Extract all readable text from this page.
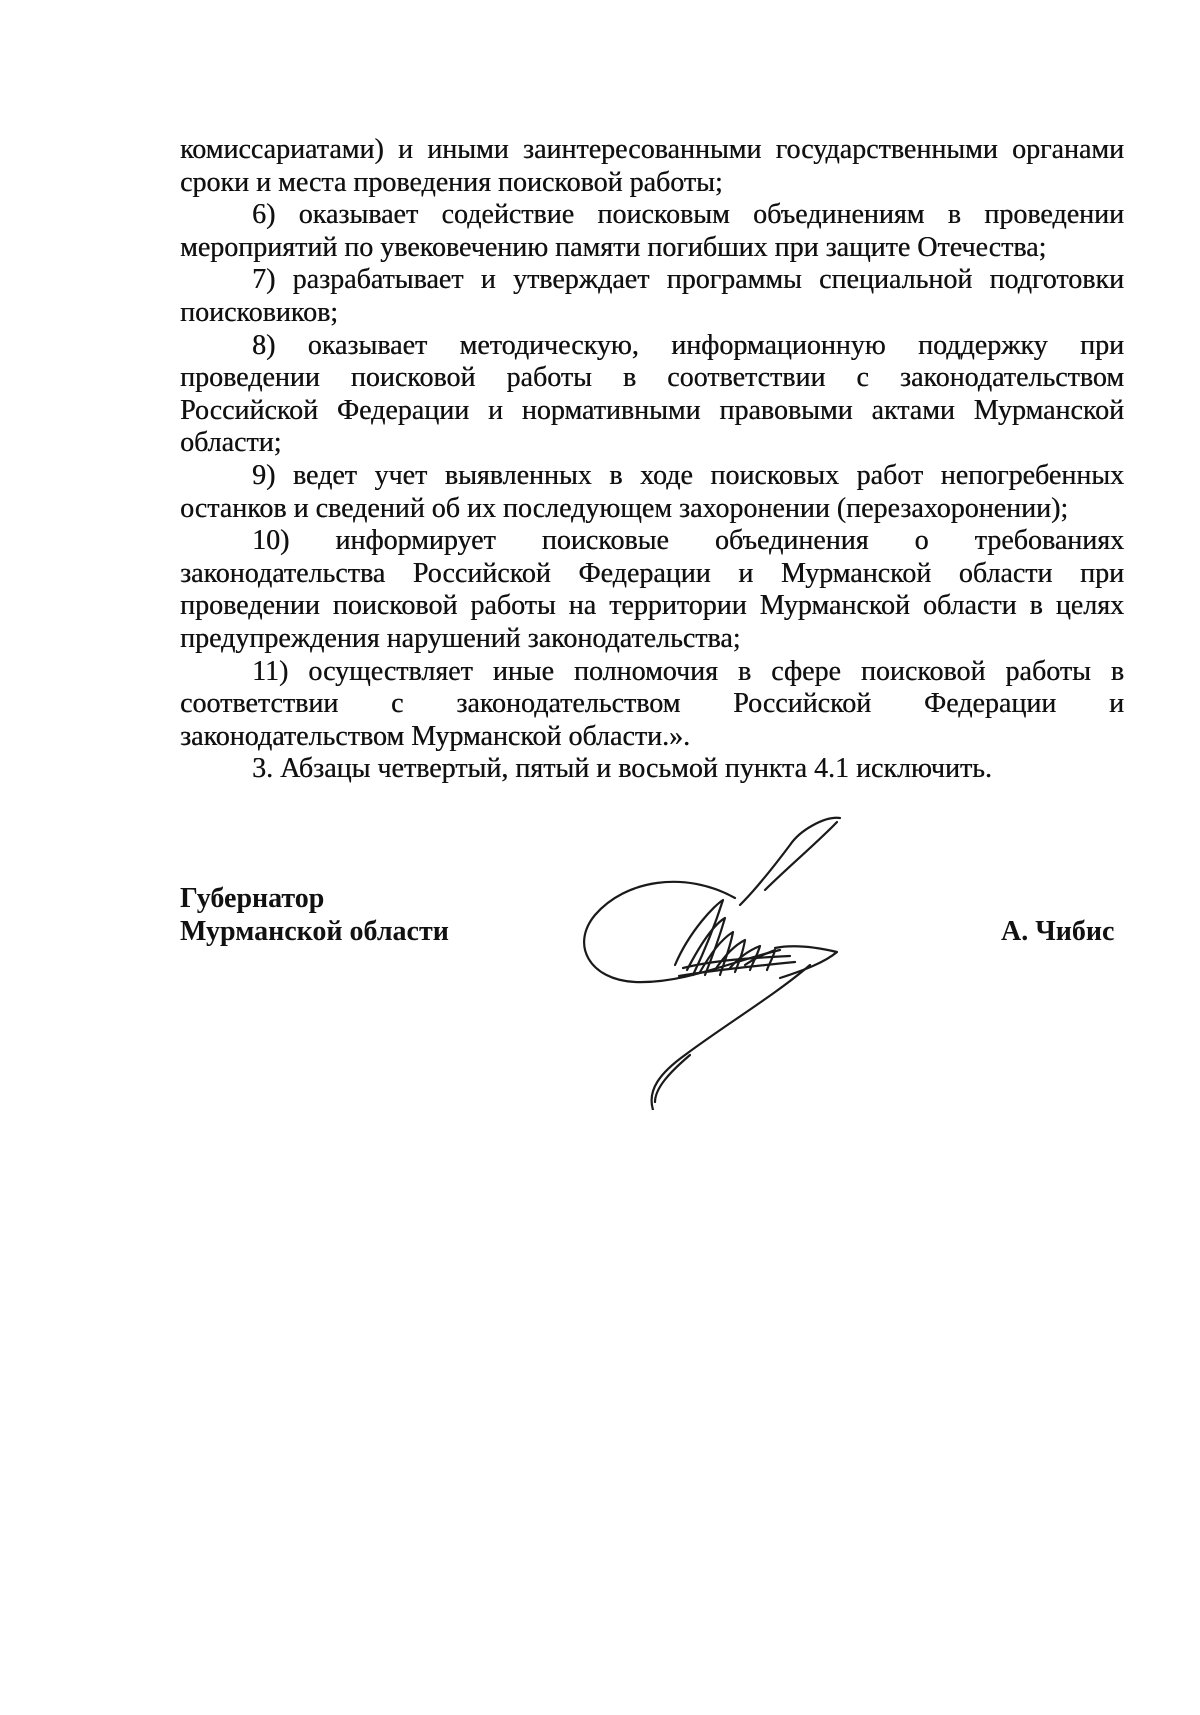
комиссариатами) и иными заинтересованными государственными органами сроки и места проведения поисковой работы;

6) оказывает содействие поисковым объединениям в проведении мероприятий по увековечению памяти погибших при защите Отечества;

7) разрабатывает и утверждает программы специальной подготовки поисковиков;

8) оказывает методическую, информационную поддержку при проведении поисковой работы в соответствии с законодательством Российской Федерации и нормативными правовыми актами Мурманской области;

9) ведет учет выявленных в ходе поисковых работ непогребенных останков и сведений об их последующем захоронении (перезахоронении);

10) информирует поисковые объединения о требованиях законодательства Российской Федерации и Мурманской области при проведении поисковой работы на территории Мурманской области в целях предупреждения нарушений законодательства;

11) осуществляет иные полномочия в сфере поисковой работы в соответствии с законодательством Российской Федерации и законодательством Мурманской области.».

3. Абзацы четвертый, пятый и восьмой пункта 4.1 исключить.

Губернатор
Мурманской области	А. Чибис
